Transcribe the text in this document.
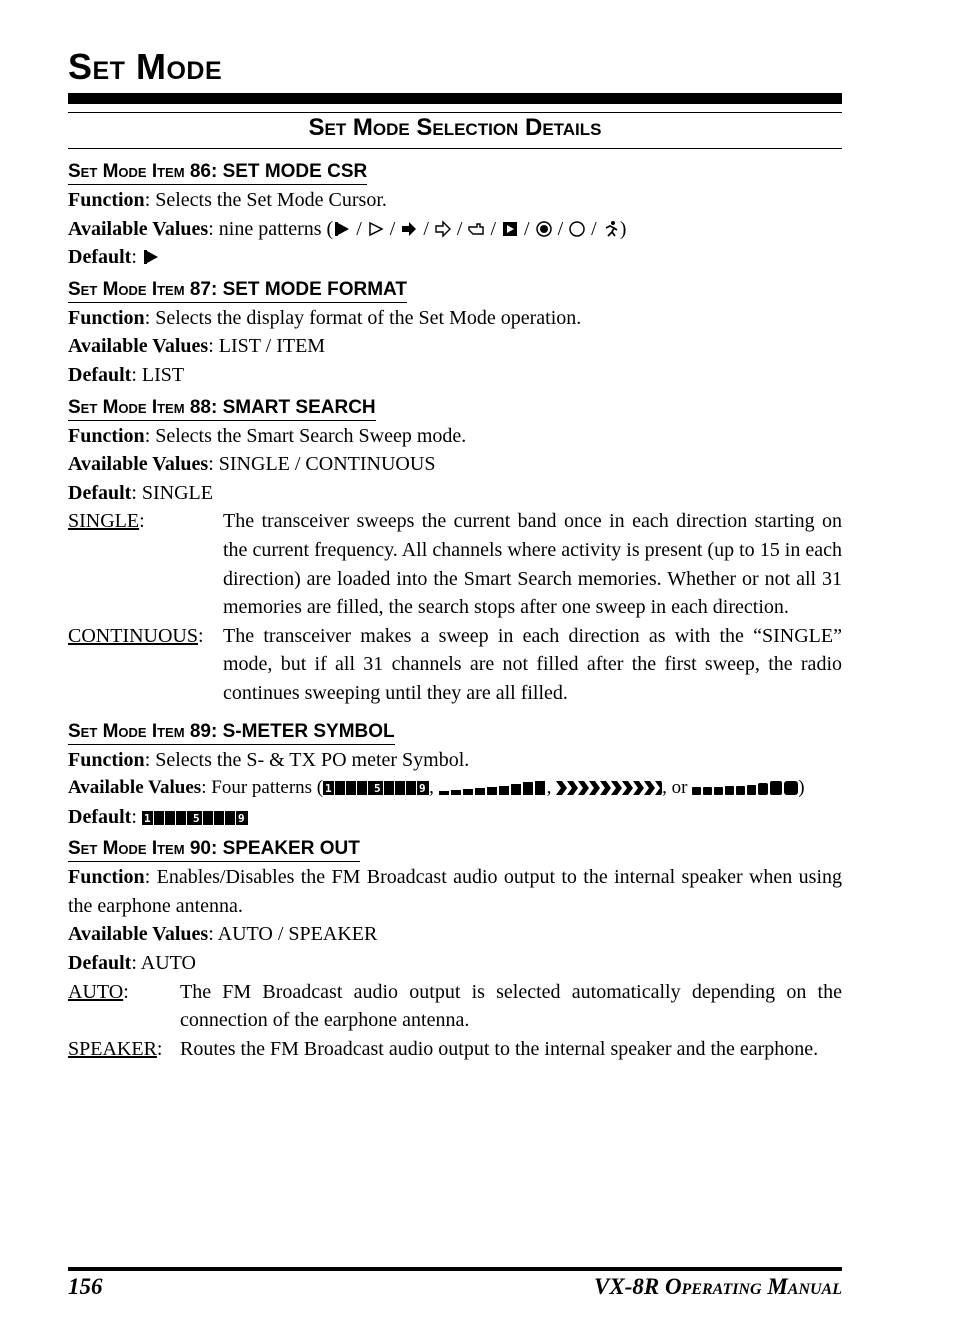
Set Mode
Set Mode Selection Details
Set Mode Item 86: SET MODE CSR
Function: Selects the Set Mode Cursor.
Available Values: nine patterns ( / / / / / / / / )
Default:
Set Mode Item 87: SET MODE FORMAT
Function: Selects the display format of the Set Mode operation.
Available Values: LIST / ITEM
Default: LIST
Set Mode Item 88: SMART SEARCH
Function: Selects the Smart Search Sweep mode.
Available Values: SINGLE / CONTINUOUS
Default: SINGLE
SINGLE:	The transceiver sweeps the current band once in each direction starting on the current frequency. All channels where activity is present (up to 15 in each direction) are loaded into the Smart Search memories. Whether or not all 31 memories are filled, the search stops after one sweep in each direction.
CONTINUOUS: The transceiver makes a sweep in each direction as with the “SINGLE” mode, but if all 31 channels are not filled after the first sweep, the radio continues sweeping until they are all filled.
Set Mode Item 89: S-METER SYMBOL
Function: Selects the S- & TX PO meter Symbol.
Available Values: Four patterns ( 1	5	9 ,	,	, or	)
Default: 1	5	9
Set Mode Item 90: SPEAKER OUT
Function: Enables/Disables the FM Broadcast audio output to the internal speaker when using the earphone antenna.
Available Values: AUTO / SPEAKER
Default: AUTO
AUTO:	The FM Broadcast audio output is selected automatically depending on the connection of the earphone antenna.
SPEAKER: Routes the FM Broadcast audio output to the internal speaker and the earphone.
156	VX-8R Operating Manual
